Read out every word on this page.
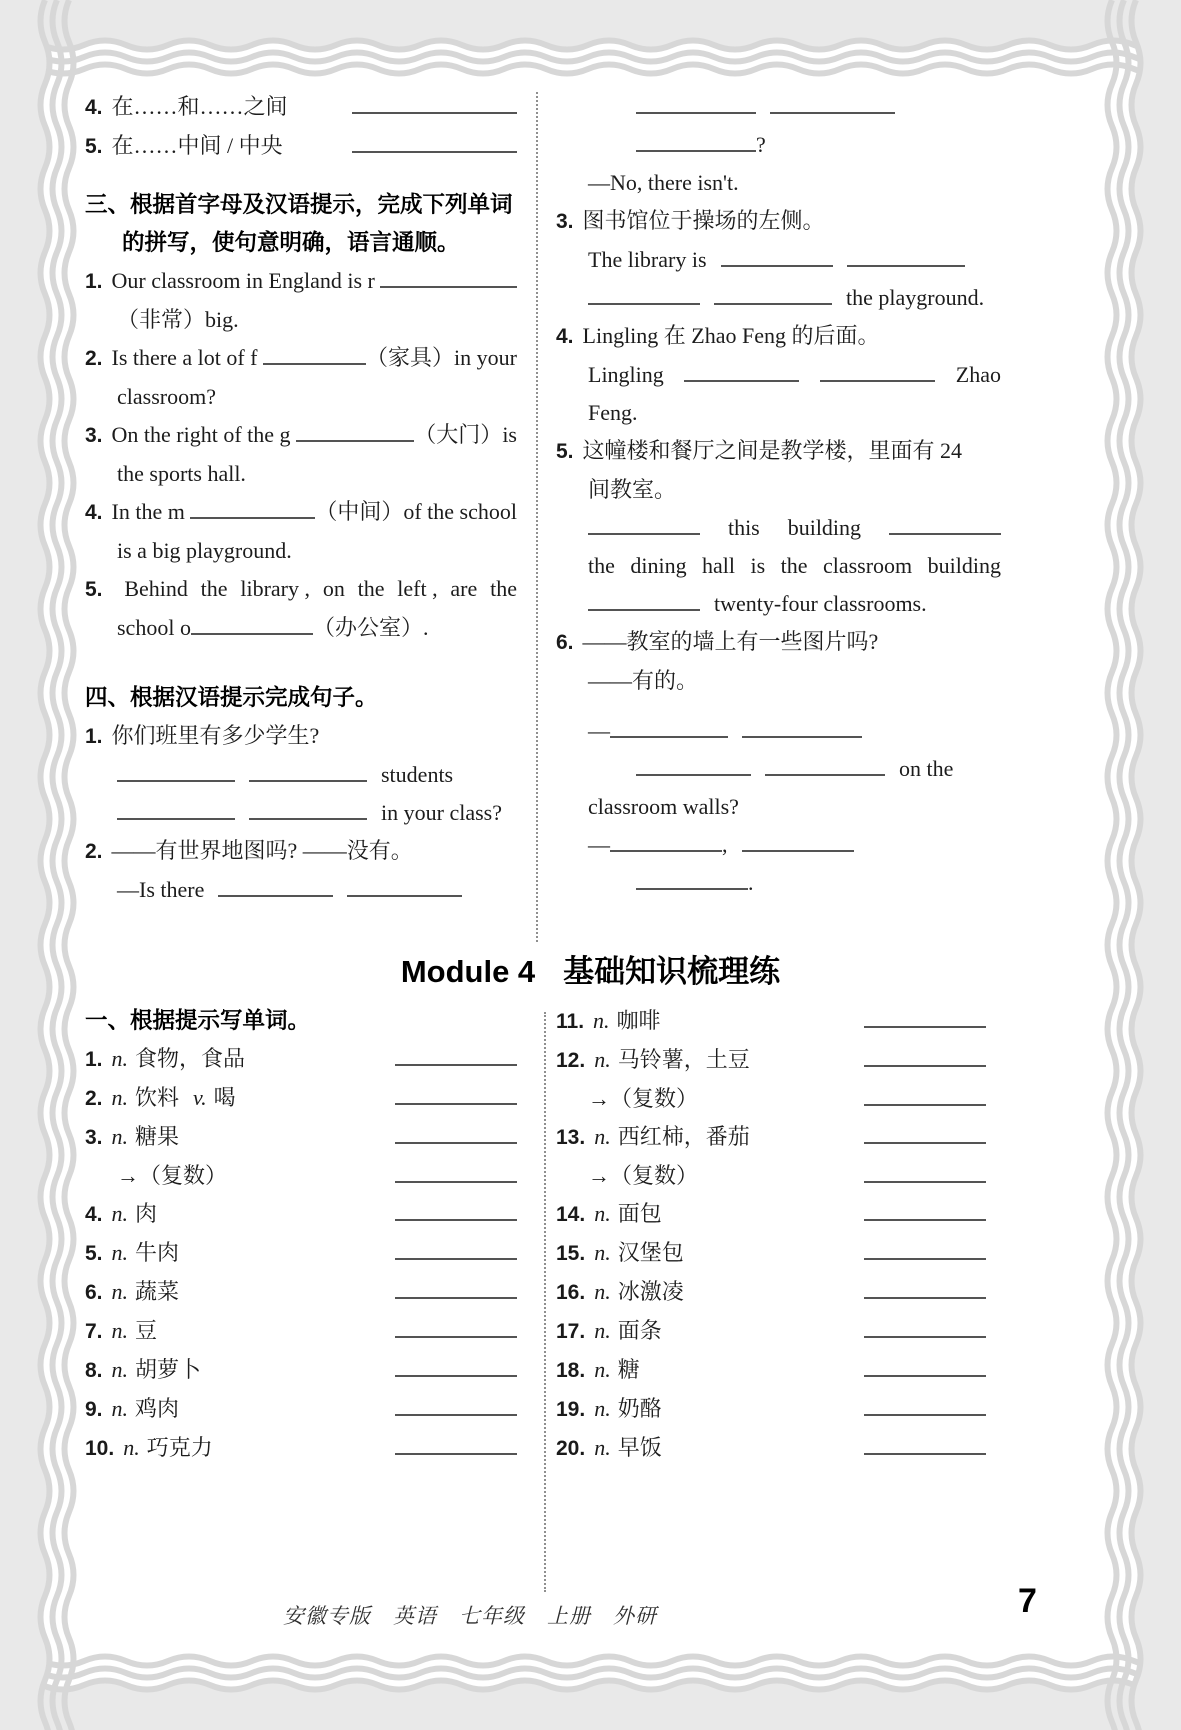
​ 4. 在……和……之间
​ 5. 在……中间 / 中央
​ 三、根据首字母及汉语提示，完成下列单词
​ 的拼写，使句意明确，语言通顺。
​ 1. Our classroom in England is r
​ （非常） big.
​ 2. Is there a lot of f	（家具） in your
​ classroom?
​ 3. On the right of the g	（大门） is
​ the sports hall.
​ 4. In the m	（中间） of the school
​ is a big playground.
5. Behind the library , on the left , are the
​ school o	（办公室） .
​ 四、根据汉语提示完成句子。
​ 1. 你们班里有多少学生?
​ students
​ in your class?
​ 2. ——有世界地图吗? ——没有。
​ —Is there
​
​ ?
​ —No, there isn't.
​ 3. 图书馆位于操场的左侧。
​ The library is
​ the playground.
​ 4. Lingling 在 Zhao Feng 的后面。
Lingling	Zhao
​ Feng.
​ 5. 这幢楼和餐厅之间是教学楼，里面有 24
​ 间教室。
this building
the dining hall is the classroom building
​ twenty-four classrooms.
​ 6. ——教室的墙上有一些图片吗?
​ ——有的。
​ —
​ on the
​ classroom walls?
​ —	,
​ .
Module 4 基础知识梳理练
​ 一、根据提示写单词。
​ 1. n. 食物，食品
​ 2. n. 饮料 v. 喝
​ 3. n. 糖果
​ →（复数）
​ 4. n. 肉
​ 5. n. 牛肉
​ 6. n. 蔬菜
​ 7. n. 豆
​ 8. n. 胡萝卜
​ 9. n. 鸡肉
​ 10. n. 巧克力
​ 11. n. 咖啡
​ 12. n. 马铃薯，土豆
​ →（复数）
​ 13. n. 西红柿，番茄
​ →（复数）
​ 14. n. 面包
​ 15. n. 汉堡包
​ 16. n. 冰激凌
​ 17. n. 面条
​ 18. n. 糖
​ 19. n. 奶酪
​ 20. n. 早饭
安徽专版　英语　七年级　上册　外研	7
